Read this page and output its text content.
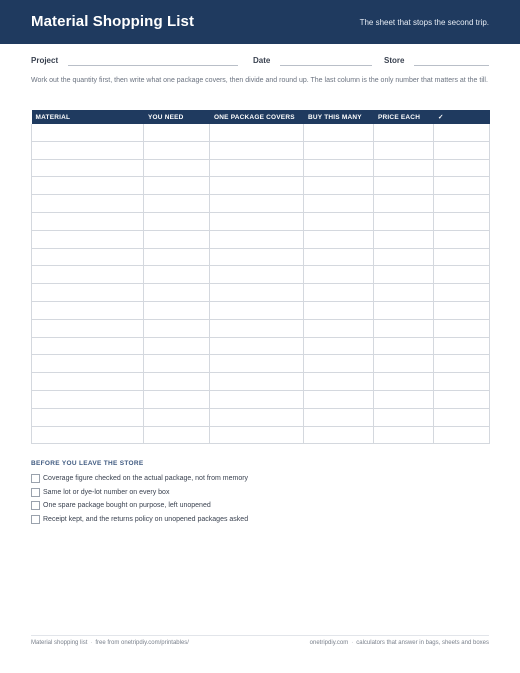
Material Shopping List	The sheet that stops the second trip.
Project	Date	Store
Work out the quantity first, then write what one package covers, then divide and round up. The last column is the only number that matters at the till.
MATERIAL	YOU NEED	ONE PACKAGE COVERS	BUY THIS MANY	PRICE EACH	✓

BEFORE YOU LEAVE THE STORE
Coverage figure checked on the actual package, not from memory
Same lot or dye-lot number on every box
One spare package bought on purpose, left unopened
Receipt kept, and the returns policy on unopened packages asked
Material shopping list · free from onetripdiy.com/printables/	onetripdiy.com · calculators that answer in bags, sheets and boxes
